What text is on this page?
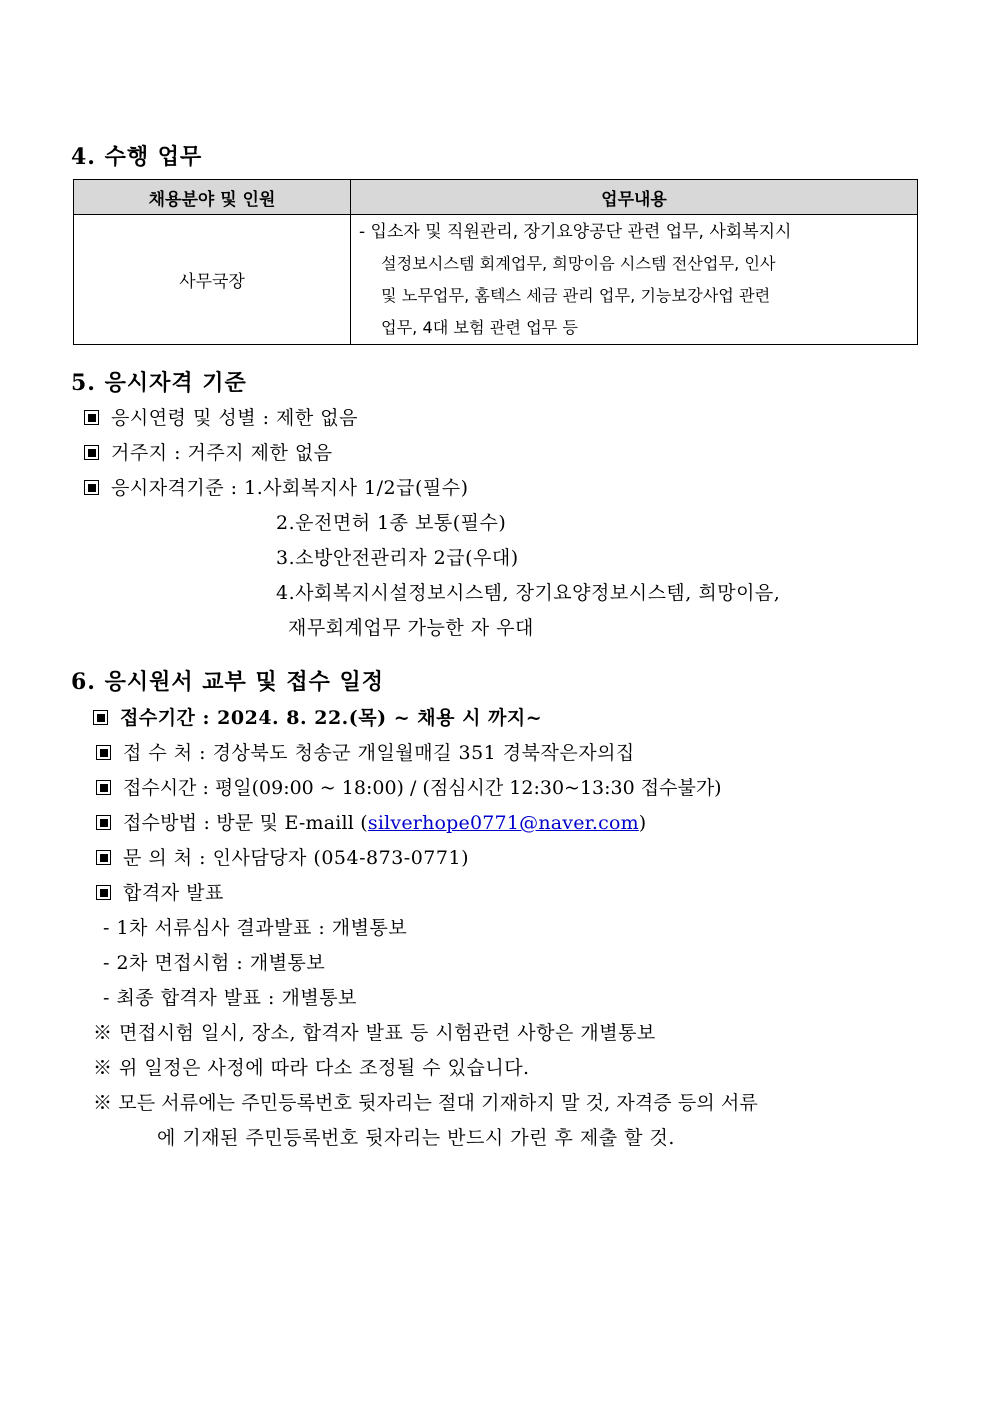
4. 수행 업무
채용분야 및 인원	업무내용
사무국장	- 입소자 및 직원관리, 장기요양공단 관련 업무, 사회복지시
설정보시스템 회계업무, 희망이음 시스템 전산업무, 인사
및 노무업무, 홈텍스 세금 관리 업무, 기능보강사업 관련
업무, 4대 보험 관련 업무 등
5. 응시자격 기준
응시연령 및 성별 : 제한 없음
거주지 : 거주지 제한 없음
응시자격기준 : 1.사회복지사 1/2급(필수)
2.운전면허 1종 보통(필수)
3.소방안전관리자 2급(우대)
4.사회복지시설정보시스템, 장기요양정보시스템, 희망이음,
재무회계업무 가능한 자 우대
6. 응시원서 교부 및 접수 일정
접수기간 : 2024. 8. 22.(목) ~ 채용 시 까지~
접 수 처 : 경상북도 청송군 개일월매길 351 경북작은자의집
접수시간 : 평일(09:00 ~ 18:00) / (점심시간 12:30~13:30 접수불가)
접수방법 : 방문 및 E-maill (silverhope0771@naver.com)
문 의 처 : 인사담당자 (054-873-0771)
합격자 발표
- 1차 서류심사 결과발표 : 개별통보
- 2차 면접시험 : 개별통보
- 최종 합격자 발표 : 개별통보
※ 면접시험 일시, 장소, 합격자 발표 등 시험관련 사항은 개별통보
※ 위 일정은 사정에 따라 다소 조정될 수 있습니다.
※ 모든 서류에는 주민등록번호 뒷자리는 절대 기재하지 말 것, 자격증 등의 서류
에 기재된 주민등록번호 뒷자리는 반드시 가린 후 제출 할 것.
